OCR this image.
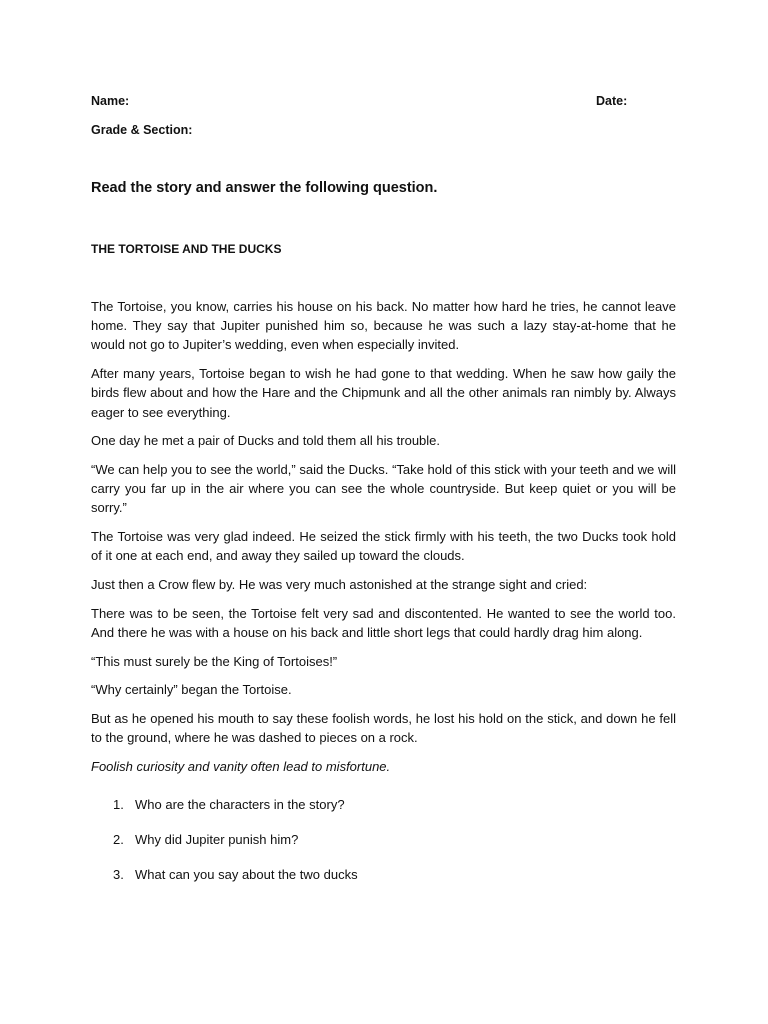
Name:	Date:
Grade & Section:
Read the story and answer the following question.
THE TORTOISE AND THE DUCKS

The Tortoise, you know, carries his house on his back. No matter how hard he tries, he cannot leave home. They say that Jupiter punished him so, because he was such a lazy stay-at-home that he would not go to Jupiter’s wedding, even when especially invited.

After many years, Tortoise began to wish he had gone to that wedding. When he saw how gaily the birds flew about and how the Hare and the Chipmunk and all the other animals ran nimbly by. Always eager to see everything.

One day he met a pair of Ducks and told them all his trouble.

“We can help you to see the world,” said the Ducks. “Take hold of this stick with your teeth and we will carry you far up in the air where you can see the whole countryside. But keep quiet or you will be sorry.”

The Tortoise was very glad indeed. He seized the stick firmly with his teeth, the two Ducks took hold of it one at each end, and away they sailed up toward the clouds.

Just then a Crow flew by. He was very much astonished at the strange sight and cried:

There was to be seen, the Tortoise felt very sad and discontented. He wanted to see the world too. And there he was with a house on his back and little short legs that could hardly drag him along.

“This must surely be the King of Tortoises!”

“Why certainly” began the Tortoise.

But as he opened his mouth to say these foolish words, he lost his hold on the stick, and down he fell to the ground, where he was dashed to pieces on a rock.

Foolish curiosity and vanity often lead to misfortune.

1. Who are the characters in the story?
2. Why did Jupiter punish him?
3. What can you say about the two ducks
